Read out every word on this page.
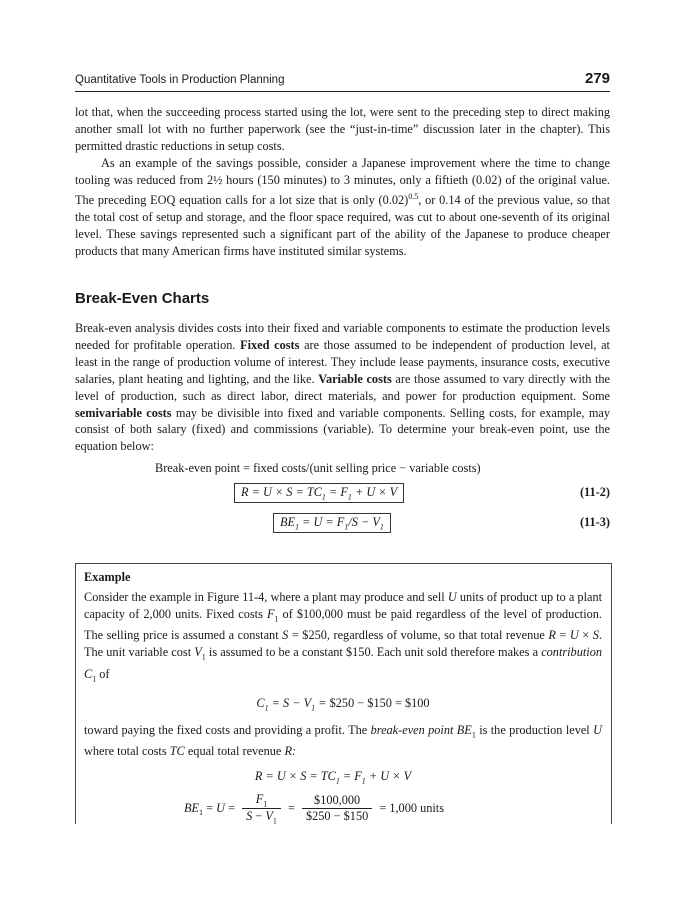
Quantitative Tools in Production Planning	279

lot that, when the succeeding process started using the lot, were sent to the preceding step to direct making another small lot with no further paperwork (see the “just-in-time” discussion later in the chapter). This permitted drastic reductions in setup costs.

As an example of the savings possible, consider a Japanese improvement where the time to change tooling was reduced from 2½ hours (150 minutes) to 3 minutes, only a fiftieth (0.02) of the original value. The preceding EOQ equation calls for a lot size that is only $(0.02)^{0.5}$, or 0.14 of the previous value, so that the total cost of setup and storage, and the floor space required, was cut to about one-seventh of its original level. These savings represented such a significant part of the ability of the Japanese to produce cheaper products that many American firms have instituted similar systems.

Break-Even Charts

Break-even analysis divides costs into their fixed and variable components to estimate the production levels needed for profitable operation. Fixed costs are those assumed to be independent of production level, at least in the range of production volume of interest. They include lease payments, insurance costs, executive salaries, plant heating and lighting, and the like. Variable costs are those assumed to vary directly with the level of production, such as direct labor, direct materials, and power for production equipment. Some semivariable costs may be divisible into fixed and variable components. Selling costs, for example, may consist of both salary (fixed) and commissions (variable). To determine your break-even point, use the equation below:

Break-even point = fixed costs/(unit selling price − variable costs)
$R = U \times S = TC_1 = F_1 + U \times V$	(11-2)
$BE_1 = U = F_1/S - V_1$	(11-3)

Example

Consider the example in Figure 11-4, where a plant may produce and sell U units of product up to a plant capacity of 2,000 units. Fixed costs $F_1$ of $100,000 must be paid regardless of the level of production. The selling price is assumed a constant S = $250, regardless of volume, so that total revenue R = U × S. The unit variable cost $V_1$ is assumed to be a constant $150. Each unit sold therefore makes a contribution $C_1$ of

$C_1 = S - V_1$ = $250 − $150 = $100

toward paying the fixed costs and providing a profit. The break-even point $BE_1$ is the production level U where total costs TC equal total revenue R:

$R = U \times S = TC_1 = F_1 + U \times V$

$BE_1 = U = \frac{F_1}{S - V_1} = \frac{\$100,000}{\$250 - \$150} = 1,000$ units
